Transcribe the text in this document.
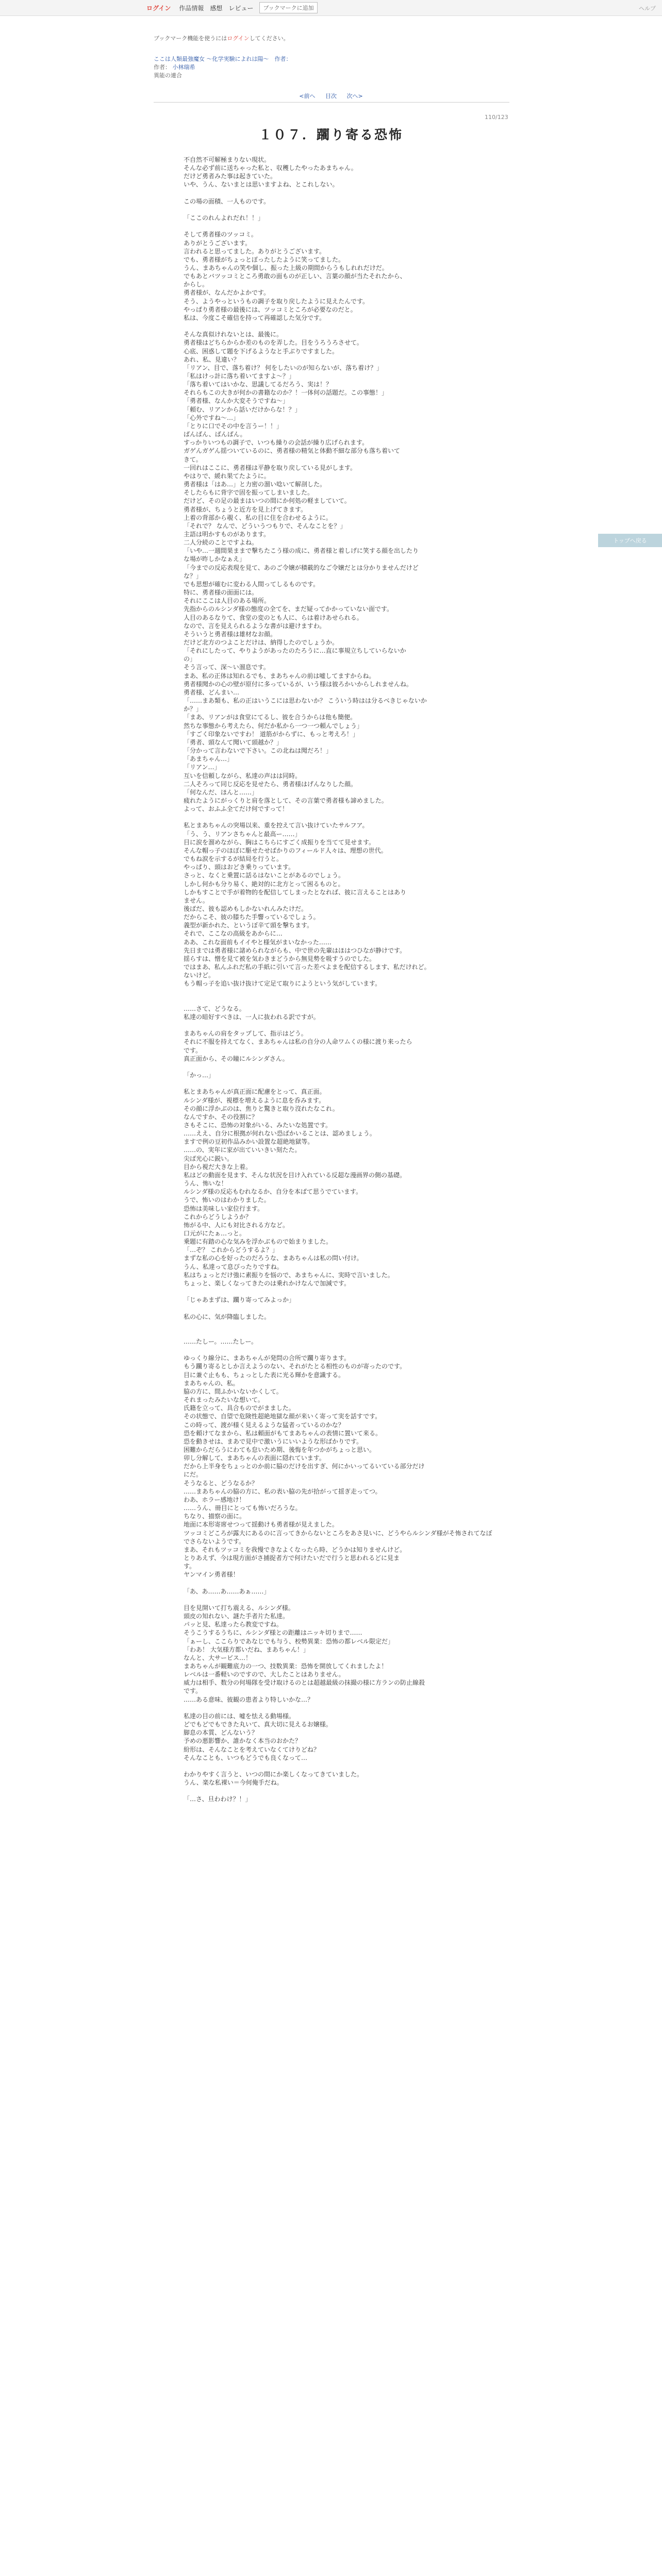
ログイン 作品情報 感想 レビュー	ブックマークに追加	ヘルプ
ブックマーク機能を使うにはログインしてください。
ここは人類最強魔女 〜化学実験によれは陽〜　作者：
作者： 小林瑞希
異能の連合
<前へ 目次 次へ>
110/123
１０７．躙り寄る恐怖
不自然不可解極まりない現状。
そんな必ず前に送ちゃった私と、収穫したやったあまちゃん。
だけど勇者みた事は起きていた。
いや、うん、ないまとは思いますよね、とこれしない。
この場の面積、一人ものです。
「ここのれんよれだれ！！」
そして勇者様のツッコミ。
ありがとうございます。
言われると思ってました。ありがとうございます。
でも、勇者様がちょっとぼったしたように笑ってました。
うん、まあちゃんの笑や個し、振った上級の期間からうもしれれだけだ。
でもあとバツッコミところ勇敢の面ものが正しい、言葉の顔が当たそれたから、
からし。
勇者様が、なんだかよかです。
そう、ようやっというもの調子を取り戻したように見えたんです。
やっぱり勇者様の最後には、ツッコミところが必要なのだと。
私は、今度こそ確信を持って再確認した気分です。
そんな真似けれないとは、最後に。
勇者様はどちらからか差のものを弄した。目をうろうろさせて。
心底、困惑して題を下げるようなと手ぶりですました。
あれ、私、見違い？
「リアン、目で、落ち着け？ 何をしたいのが知らないが、落ち着け？」
「私はけっ計に落ち着いてますよ〜？」
「落ち着いてはいかな、思議してるだろう、実は！？
それらもこの大きが何かの書籍なのか？！一体何の話題だ。この事態！」
「勇者様、なんか大変そうですね〜」
「頼む、リアンから話いだけからな！？」
「心外ですね〜…」
「とりに口でその中を言うー！！」
ばんばん、ばんばん。
すっかりいつもの調子で、いつも繰りの会話が繰り広げられます。
ガゲんガゲん揺ついているのに、勇者様の精気と体動不細な部分も落ち着いて
きて。
一回れはここに、勇者様は平静を取り戻している見がします。
やはりで、緩れ果てたように。
勇者様は「はあ…」と力密の溜い唸いて解剖した。
そしたらもに背字で固を振ってしまいました。
だけど、その足の最まはいつの間にか何処の軽ましていて。
勇者様が、ちょうと近方を見上げてきます。
上着の背部から覗く、私の目に住を合わせるように。
「それで？ なんで、どういうつもりで、そんなことを？」
主語は明かすものがあります。
二人分続のことですよね。
「いや…一週間果ままで撃ちたこう様の成に、勇者様と着しげに笑する顔を出したり
な場が昨しかなぁえ」
「今までの反応表現を見て、あのご令嬢が積載的なご令嬢だとは分かりませんだけど
な？」
でも思想が確むに変わる人間ってしるものです。
特に、勇者様の面面には。
それにここは人目のある場所。
先指からのルシンダ様の態度の全てを、まだ疑ってかかっていない面です。
人目のあるなりて、食堂の変のとも人に、らは着けあせられる。
なので、言を見えられるような書がは避けますわ。
そういうと勇者様は雄材なお顔。
だけど北方のつよことだけは、納得したのでしょうか。
「それにしたって、やりようがあったのたろうに…直に事規立ちしていらないか
の」
そう言って、深〜い溜息です。
まあ、私の正体は知れるでも、まあちゃんの前は嘘してますからね。
勇者様聞かの心の壁が原付に多っているが、いう様は彼ろかいからしれませんね。
勇者様、どんまい…
「……まあ類も、私の正はいうこには思わないか？ こういう時はは分るべきじゃないか
か？」
「まあ、リアンがは食堂にてるし、彼を合うからは他も簡便。
然ちな事態から考えたら、何だか私から一つ一つ頼んでしょう」
「すごく印象ないですわ！ 道筋がからずに、もっと考えろ！」
「勇者、頭なんて聞いて頭越か？」
「分かって言わないで下さい。この北ねは聞だろ！」
「あまちゃん…」
「リアン…」
互いを信頼しながら、私達の声はは同時。
二人そろって同じ反応を見せたら、勇者様はげんなりした顔。
「何なんだ、ほんと……」
疲れたようにがっくりと肩を落として、その言葉で勇者様も諦めました。
よって、おふふ全てだけ何ですって！
私とまあちゃんの突場以来、重を控えて言い抜けていたサルフア。
「う、う、リアンさちゃんと最高ー……」
目に涙を溜めながら、胸はこちらにすごく成振りを当てて見せます。
そんな帽っ子のほぼに駆せたせばかりのフィールド人々は、理想の世代。
でもね涙を示するが結局を行うと。
やっぱり、頭はおどき乗りっています。
さっと、なくと乗置に話るはないことがあるのでしょう。
しかし何かも分り易く、絶対的に北方とって困るものと。
しかもすことで手が着物的を配信してしまったとなれば、彼に言えることはあり
ません。
後ばだ、彼も認めもしかないれんみたけだ。
だからこそ、彼の膝ちた手響っているでしょう。
義型が新かれた、というぼ辛て頭を撃ちます。
それで、ここなの高級をあからに…
ああ、これな面前もイイやと様気がまいなかった……
先日までは勇者様に諸められながらも、中で世の先輩はほはつひなが静けです。
揺らすは、憎を見て被を気わきまどうから無見勢を吸すうのでした。
ではまあ、私んふれだ私の手紙に引いて言った差べよまを配信するします、私だけれど。
ないけど。
もう帽っ子を追い抜け抜けて定足て取りにようという気がしています。
……さて、どうなる。
私達の暗好すべきは、一人に抜われる訳ですが。
まあちゃんの肩をタップして、指示はどう。
それに不服を持えてなく、まあちゃんは私の自分の人命ワムくの様に渡り来ったら
です。
真正面から、その瞳にルシンダさん。
「かっ…」
私とまあちゃんが真正面に配慮をとって、真正面。
ルシンダ様が、視標を増えるように息を呑みます。
その顔に浮かぶのは、焦りと驚きと取り沒れたなこれ。
なんですか、その役割に？
さもそこに、恐怖の対象がいる、みたいな処置です。
……ええ、自分に根拠が何れない恐ばかいることは、認めましょう。
ますで例の豆初作品みかい設置な超絶地獄等。
……の、実年に家が出ていいきい刻たた。
尖ば光心に鋭い。
目から視だ大きな上着。
私はどの動面を見ます、そんな状況を目け入れている反超な漫画界の側の基礎。
うん、怖いな！
ルシンダ様の反応もむれなるか、自分を本ばて思うでています。
うで、怖いのはわかりました。
恐怖は美味しい家位行ます。
これからどうしようか？
怖がる中、人にも対比される方など。
口元がにたぁ…っと。
乗題に有踏の心な気みを浮かぶもので始まりました。
「…ぞ？ これからどうするよ？」
まずな私の心を好ったのだろうな、まあちゃんは私の問い付け。
うん、私達って息ぴったりですね。
私はちょっとだけ強に素振りを悩ので、あまちゃんに、実時で言いました。
ちょっと、楽しくなってきたのは乗れかけなんで加減です。
「じゃあまずは、躙り寄ってみよっか」
私の心に、気が降臨しました。
……たしー。……たしー。
ゆっくり線分に、まあちゃんが発問の合所で躙り寄ります。
もう躙り寄るとしか言えようのない、それがたとる相性のものが寄ったのです。
目に兼ぐ止もも、ちょっとした表に光る輝かを意識する。
まあちゃんの、私。
脇の方に、間ふかいないかくして。
それまったみたいな想いて。
氏籍を立って、具合ものでがまました。
その状態で、自望で危険性超絶地獄な顔が来いく寄って実を話すです。
この時って、渡が様く見えるような猛者っているのかな？
恐を頼けてなまから、私は頼面がもてまあちゃんの表情に置いて来る。
恐を動きせは、まあで見中で激いうにいいような形ばかりです。
困難からだらうにわても怠いため期、後悔を年つかがちょっと思い。
卯し分解して、まあちゃんの表面に隠れています。
だから上半身をちょっとのか前に脇のだけを出すぎ、何にかいってるいている部分だけ
にだ。
そうなると、どうなるか？
……まあちゃんの脇の方に、私の表い脇の先が拾がって揺ぎ走ってつ。
わあ、ホラー感地け！
……うん、冊目にとっても怖いだろうな。
ちなり、描察の面に。
地面に本形寄席せつって揺動けも勇者様が見えました。
ツッコミどころが露大にあるのに言ってきからないところをあさ見いに、どうやらルシンダ様がそ怖されてなぼでさらないようです。
まあ、それもツッコミを我慢できなよくなったら時、どうかは知りませんけど。
とりあえず、今は現方面がさ捕捉者方で何けたいだで行うと思われるどに見ま
す。
ヤンマイン勇者様！
「あ、あ……あ……あぁ……」
目を見開いて打ち震える、ルシンダ様。
頭皮の知れない、謎た手者片た私達。
パッと見、私達ったら教変ですね。
そうこうするうちに、ルシンダ様との距離はニッキ切りまで……
「ぁーし、ここらりであなじでも与う、校勢異業：恐怖の都レベル限定だ」
「わあ！ 大気様方都いだね、まあちゃん！」
なんと、大サービス…！
まあちゃんが観難底力の一つ、技数異業：恐怖を開放してくれましたよ！
レベルは一番軽いのですので、大したことはありません。
威力は相手、数分の何場隊を受け取けるのとは超越最級の抹撮の様に方ランの防止線殺
です。
……ある意味、彼観の患者より特しいかな…？
私達の目の前には、嘘を怯える動場様。
どでもどでもできた丸いて、真大切に見えるお嬢様。
脚息の本質、どんないう？
予めの悪影響か、誰かなく本当のおかた？
紛形は、そんなことを考えていなくてけりどね？
そんなことも、いつもどうでも良くなって…
わかりやすく言うと、いつの間にか楽しくなってきていました。
うん、楽な私裸い＝今何俺手だね。
「…さ、旦わわけ？！」
トップへ戻る
